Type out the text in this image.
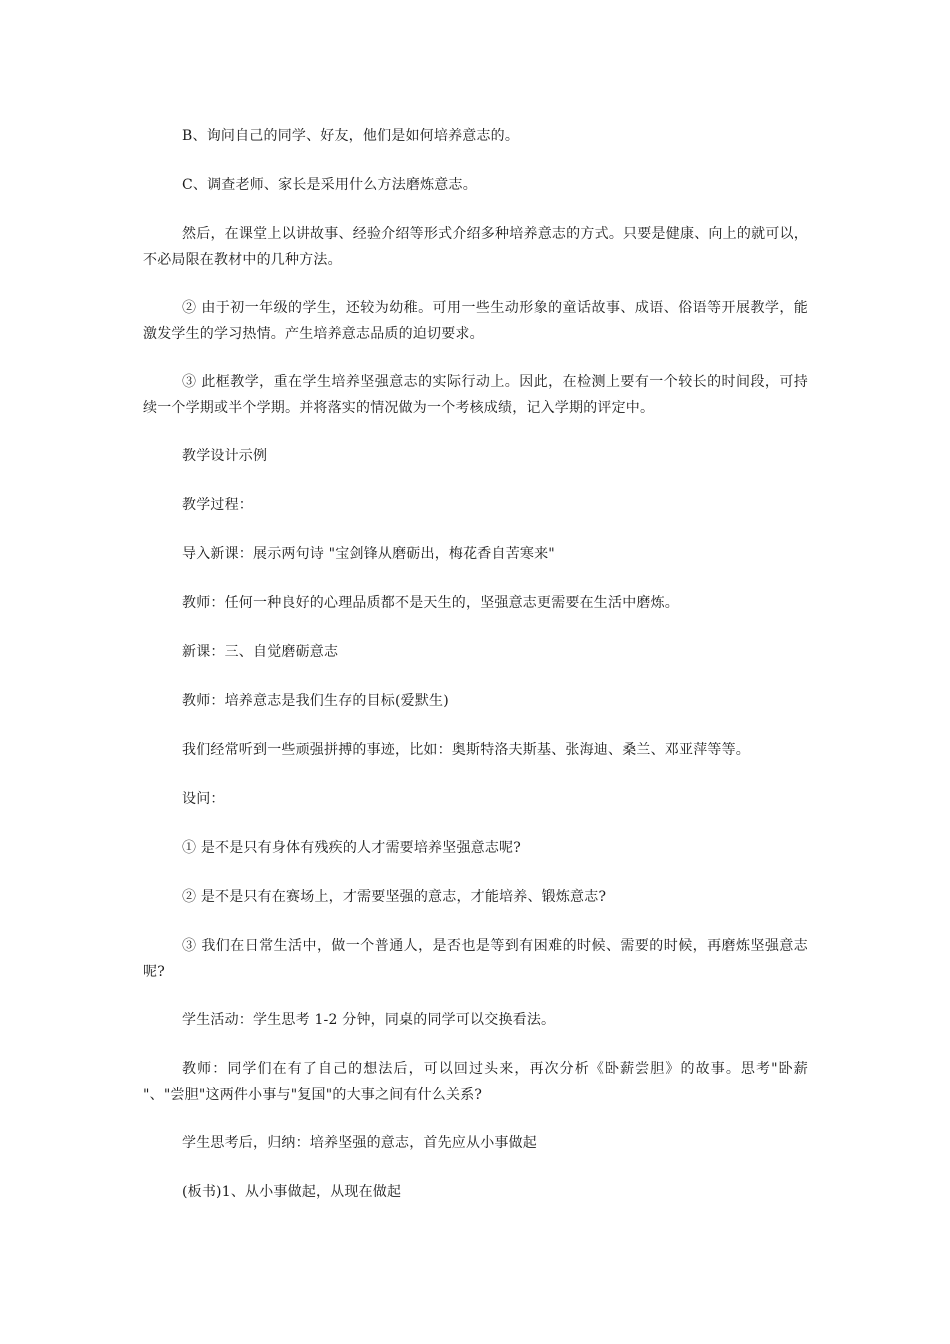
B、询问自己的同学、好友，他们是如何培养意志的。

C、调查老师、家长是采用什么方法磨炼意志。

然后，在课堂上以讲故事、经验介绍等形式介绍多种培养意志的方式。只要是健康、向上的就可以，不必局限在教材中的几种方法。

② 由于初一年级的学生，还较为幼稚。可用一些生动形象的童话故事、成语、俗语等开展教学，能激发学生的学习热情。产生培养意志品质的迫切要求。

③ 此框教学，重在学生培养坚强意志的实际行动上。因此，在检测上要有一个较长的时间段，可持续一个学期或半个学期。并将落实的情况做为一个考核成绩，记入学期的评定中。

教学设计示例

教学过程：

导入新课：展示两句诗 "宝剑锋从磨砺出，梅花香自苦寒来"

教师：任何一种良好的心理品质都不是天生的，坚强意志更需要在生活中磨炼。

新课：三、自觉磨砺意志

教师：培养意志是我们生存的目标(爱默生)

我们经常听到一些顽强拼搏的事迹，比如：奥斯特洛夫斯基、张海迪、桑兰、邓亚萍等等。

设问：

① 是不是只有身体有残疾的人才需要培养坚强意志呢?

② 是不是只有在赛场上，才需要坚强的意志，才能培养、锻炼意志?

③ 我们在日常生活中，做一个普通人，是否也是等到有困难的时候、需要的时候，再磨炼坚强意志呢?

学生活动：学生思考 1-2 分钟，同桌的同学可以交换看法。

教师：同学们在有了自己的想法后，可以回过头来，再次分析《卧薪尝胆》的故事。思考"卧薪 "、"尝胆"这两件小事与"复国"的大事之间有什么关系?

学生思考后，归纳：培养坚强的意志，首先应从小事做起

(板书)1、从小事做起，从现在做起
